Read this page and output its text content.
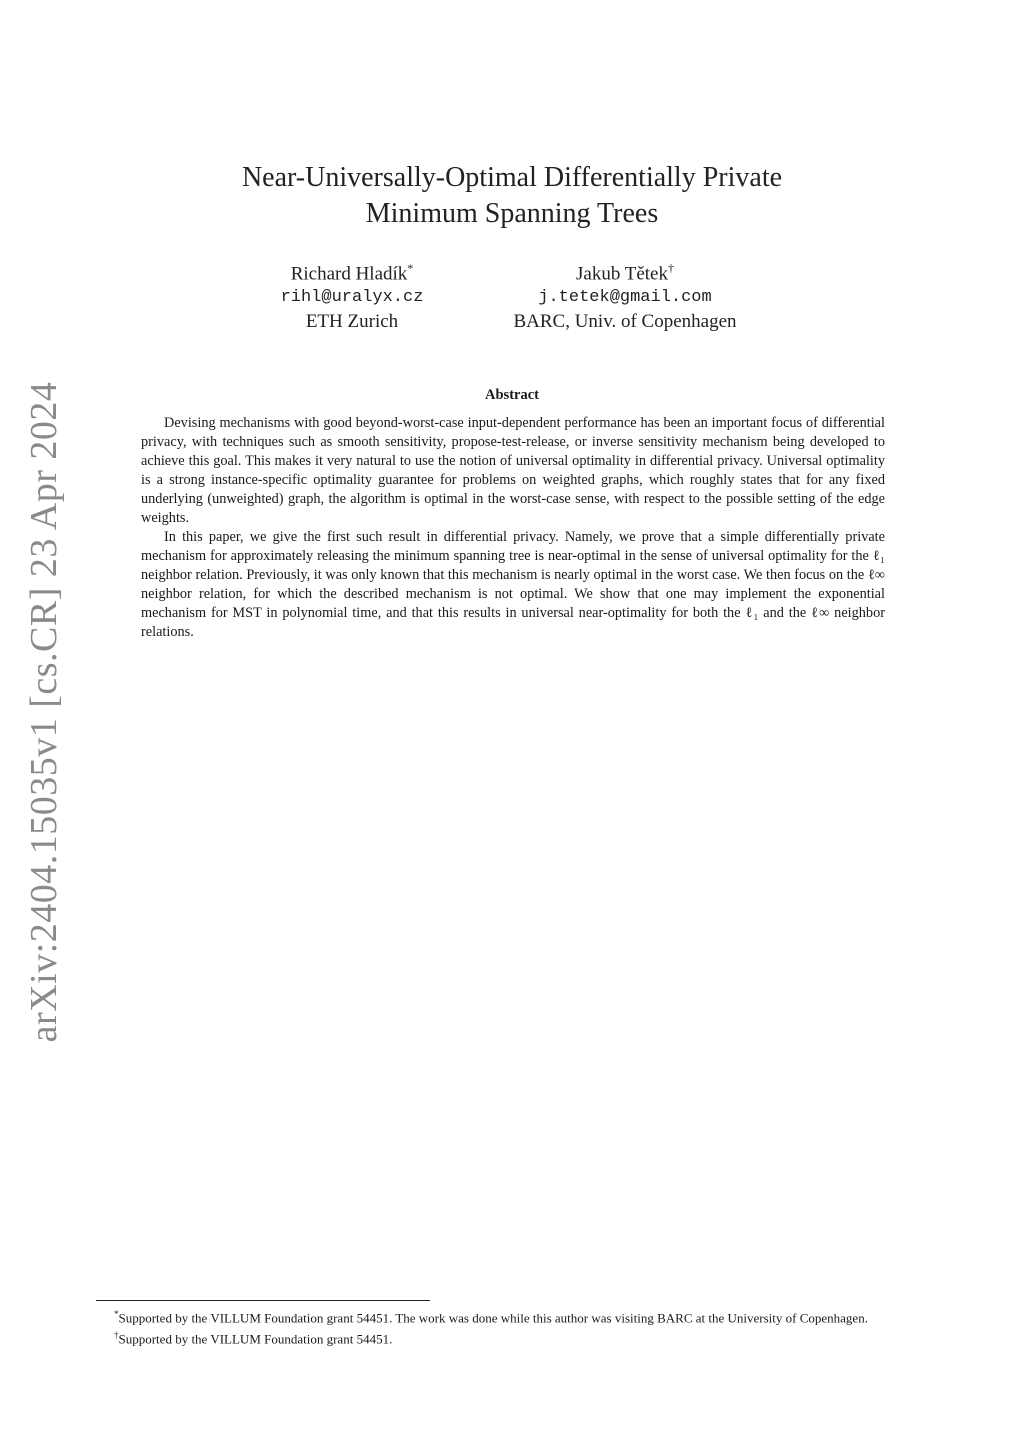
arXiv:2404.15035v1 [cs.CR] 23 Apr 2024
Near-Universally-Optimal Differentially Private
Minimum Spanning Trees
Richard Hladík*
rihl@uralyx.cz
ETH Zurich
Jakub Tětek†
j.tetek@gmail.com
BARC, Univ. of Copenhagen
Abstract

Devising mechanisms with good beyond-worst-case input-dependent performance has been an important focus of differential privacy, with techniques such as smooth sensitivity, propose-test-release, or inverse sensitivity mechanism being developed to achieve this goal. This makes it very natural to use the notion of universal optimality in differential privacy. Universal optimality is a strong instance-specific optimality guarantee for problems on weighted graphs, which roughly states that for any fixed underlying (unweighted) graph, the algorithm is optimal in the worst-case sense, with respect to the possible setting of the edge weights.

In this paper, we give the first such result in differential privacy. Namely, we prove that a simple differentially private mechanism for approximately releasing the minimum spanning tree is near-optimal in the sense of universal optimality for the ℓ₁ neighbor relation. Previously, it was only known that this mechanism is nearly optimal in the worst case. We then focus on the ℓ∞ neighbor relation, for which the described mechanism is not optimal. We show that one may implement the exponential mechanism for MST in polynomial time, and that this results in universal near-optimality for both the ℓ₁ and the ℓ∞ neighbor relations.

*Supported by the VILLUM Foundation grant 54451. The work was done while this author was visiting BARC at the University of Copenhagen.

†Supported by the VILLUM Foundation grant 54451.
